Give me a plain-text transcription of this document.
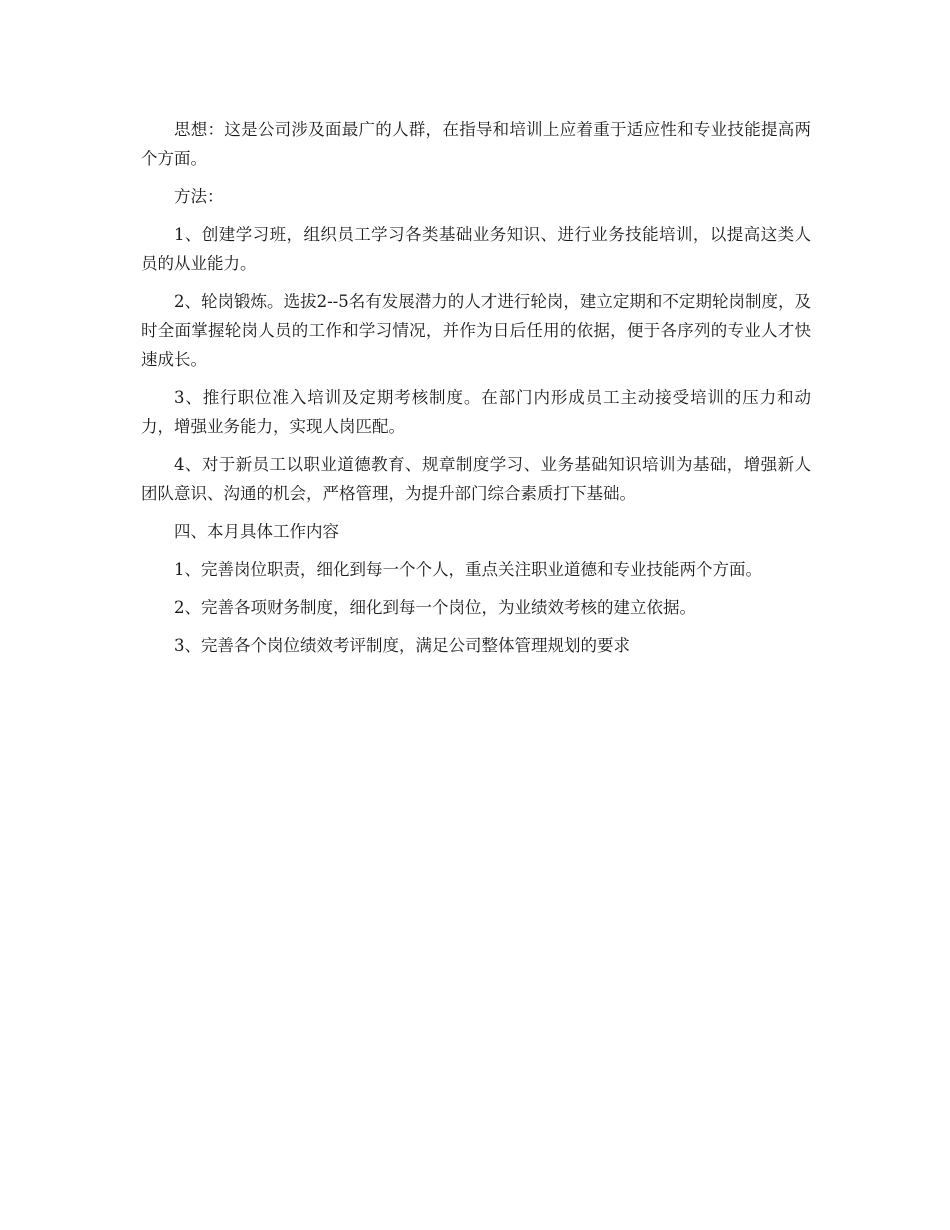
思想：这是公司涉及面最广的人群，在指导和培训上应着重于适应性和专业技能提高两个方面。

方法：

1、创建学习班，组织员工学习各类基础业务知识、进行业务技能培训，以提高这类人员的从业能力。

2、轮岗锻炼。选拔2--5名有发展潜力的人才进行轮岗，建立定期和不定期轮岗制度，及时全面掌握轮岗人员的工作和学习情况，并作为日后任用的依据，便于各序列的专业人才快速成长。

3、推行职位准入培训及定期考核制度。在部门内形成员工主动接受培训的压力和动力，增强业务能力，实现人岗匹配。

4、对于新员工以职业道德教育、规章制度学习、业务基础知识培训为基础，增强新人团队意识、沟通的机会，严格管理，为提升部门综合素质打下基础。

四、本月具体工作内容

1、完善岗位职责，细化到每一个个人，重点关注职业道德和专业技能两个方面。

2、完善各项财务制度，细化到每一个岗位，为业绩效考核的建立依据。

3、完善各个岗位绩效考评制度，满足公司整体管理规划的要求
